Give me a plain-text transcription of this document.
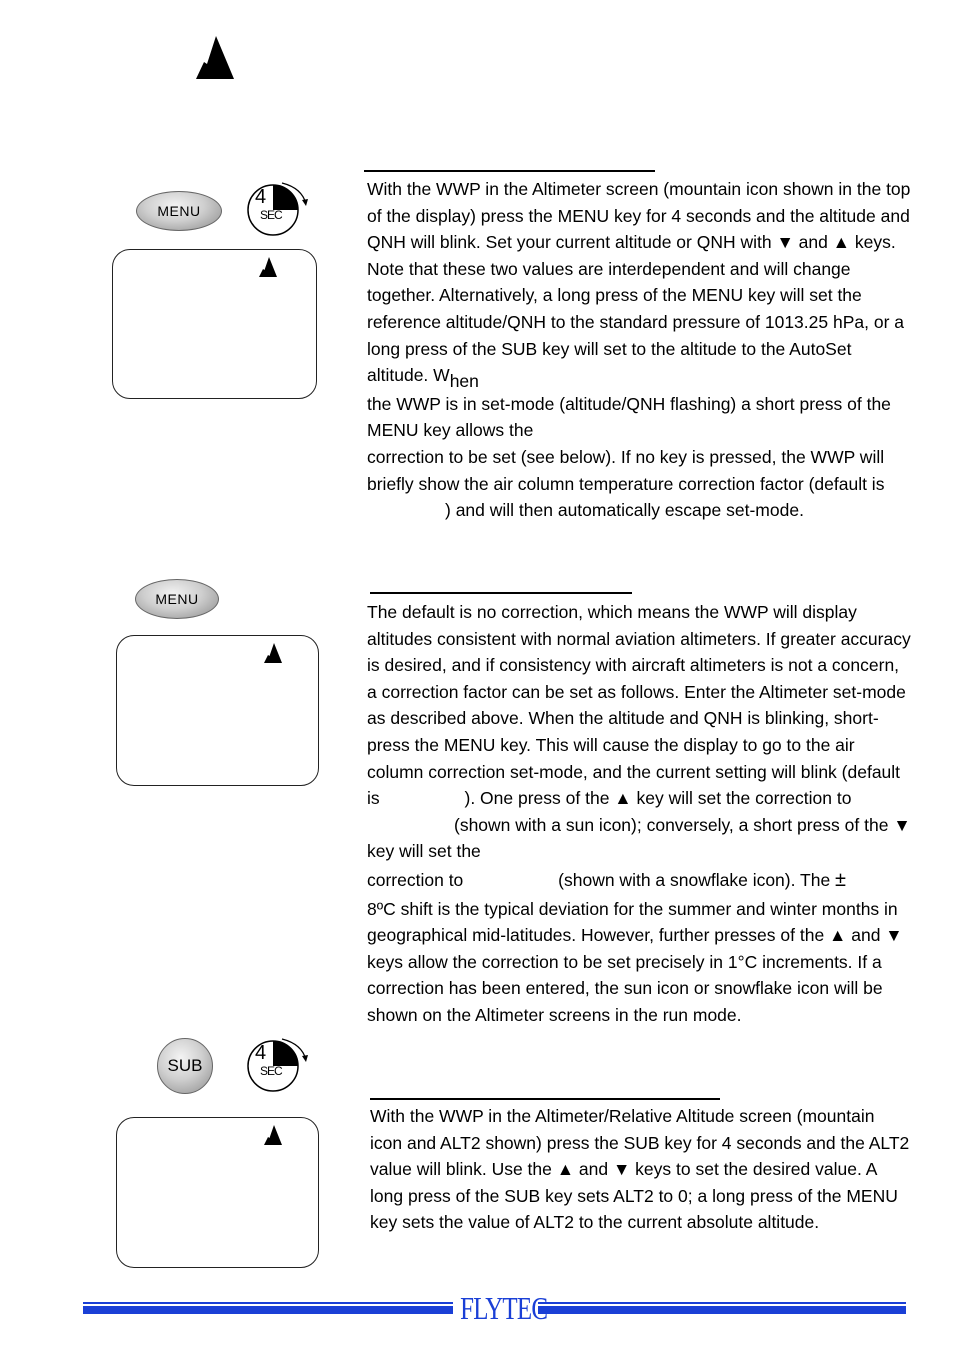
MENU
4
SEC

With the WWP in the Altimeter screen (mountain icon shown in the top of the display) press the MENU key for 4 seconds and the altitude and QNH will blink. Set your current altitude or QNH with ▼ and ▲ keys. Note that these two values are interdependent and will change together. Alternatively, a long press of the MENU key will set the reference altitude/QNH to the standard pressure of 1013.25 hPa, or a long press of the SUB key will set to the altitude to the AutoSet altitude. When

the WWP is in set-mode (altitude/QNH flashing) a short press of the MENU key allows the

correction to be set (see below). If no key is pressed, the WWP will briefly show the air column temperature correction factor (default is ) and will then automatically escape set-mode.

MENU

The default is no correction, which means the WWP will display altitudes consistent with normal aviation altimeters. If greater accuracy is desired, and if consistency with aircraft altimeters is not a concern, a correction factor can be set as follows. Enter the Altimeter set-mode as described above. When the altitude and QNH is blinking, short-press the MENU key. This will cause the display to go to the air column correction set-mode, and the current setting will blink (default is	). One press of the ▲ key will set the correction to (shown with a sun icon); conversely, a short press of the ▼ key will set the

correction to	(shown with a snowflake icon). The ±

8ºC shift is the typical deviation for the summer and winter months in geographical mid-latitudes. However, further presses of the ▲ and ▼ keys allow the correction to be set precisely in 1°C increments. If a correction has been entered, the sun icon or snowflake icon will be shown on the Altimeter screens in the run mode.

SUB
4
SEC

With the WWP in the Altimeter/Relative Altitude screen (mountain icon and ALT2 shown) press the SUB key for 4 seconds and the ALT2 value will blink. Use the ▲ and ▼ keys to set the desired value. A long press of the SUB key sets ALT2 to 0; a long press of the MENU key sets the value of ALT2 to the current absolute altitude.

FLYTEC
